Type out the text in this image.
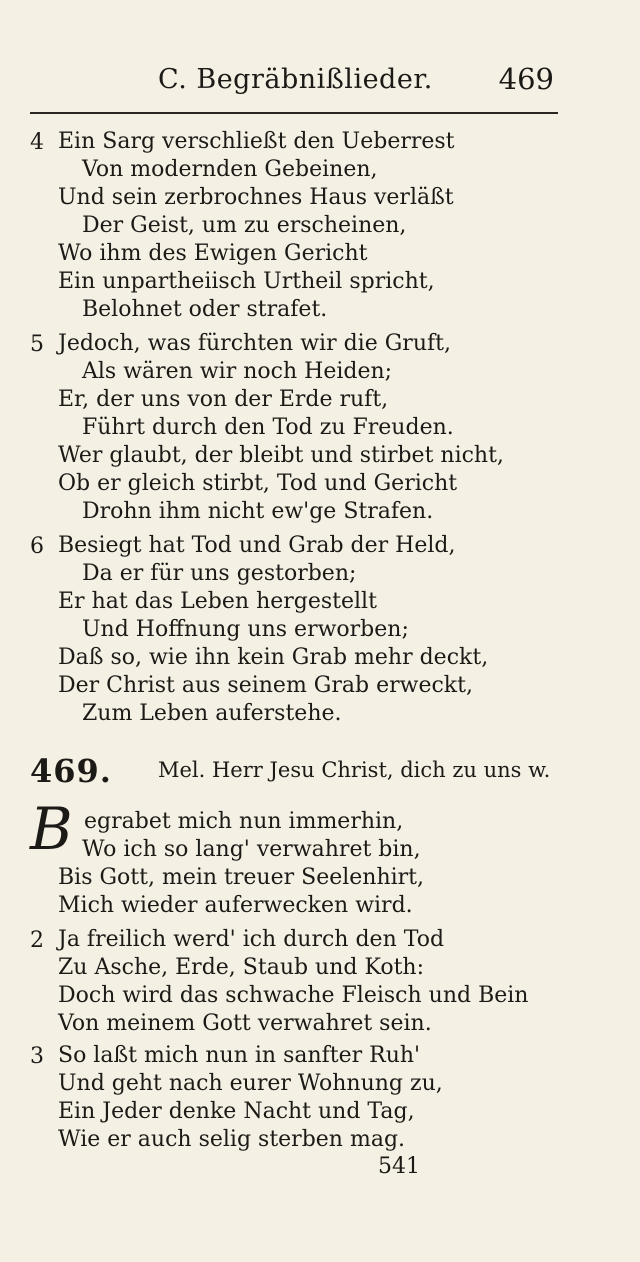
C. Begräbnißlieder. 469
4 Ein Sarg verschließt den Ueberrest
Von modernden Gebeinen,
Und sein zerbrochnes Haus verläßt
Der Geist, um zu erscheinen,
Wo ihm des Ewigen Gericht
Ein unpartheiisch Urtheil spricht,
Belohnet oder strafet.
5 Jedoch, was fürchten wir die Gruft,
Als wären wir noch Heiden;
Er, der uns von der Erde ruft,
Führt durch den Tod zu Freuden.
Wer glaubt, der bleibt und stirbet nicht,
Ob er gleich stirbt, Tod und Gericht
Drohn ihm nicht ew'ge Strafen.
6 Besiegt hat Tod und Grab der Held,
Da er für uns gestorben;
Er hat das Leben hergestellt
Und Hoffnung uns erworben;
Daß so, wie ihn kein Grab mehr deckt,
Der Christ aus seinem Grab erweckt,
Zum Leben auferstehe.
469. Mel. Herr Jesu Christ, dich zu uns w.
B egrabet mich nun immerhin,
Wo ich so lang' verwahret bin,
Bis Gott, mein treuer Seelenhirt,
Mich wieder auferwecken wird.
2 Ja freilich werd' ich durch den Tod
Zu Asche, Erde, Staub und Koth:
Doch wird das schwache Fleisch und Bein
Von meinem Gott verwahret sein.
3 So laßt mich nun in sanfter Ruh'
Und geht nach eurer Wohnung zu,
Ein Jeder denke Nacht und Tag,
Wie er auch selig sterben mag.
541
